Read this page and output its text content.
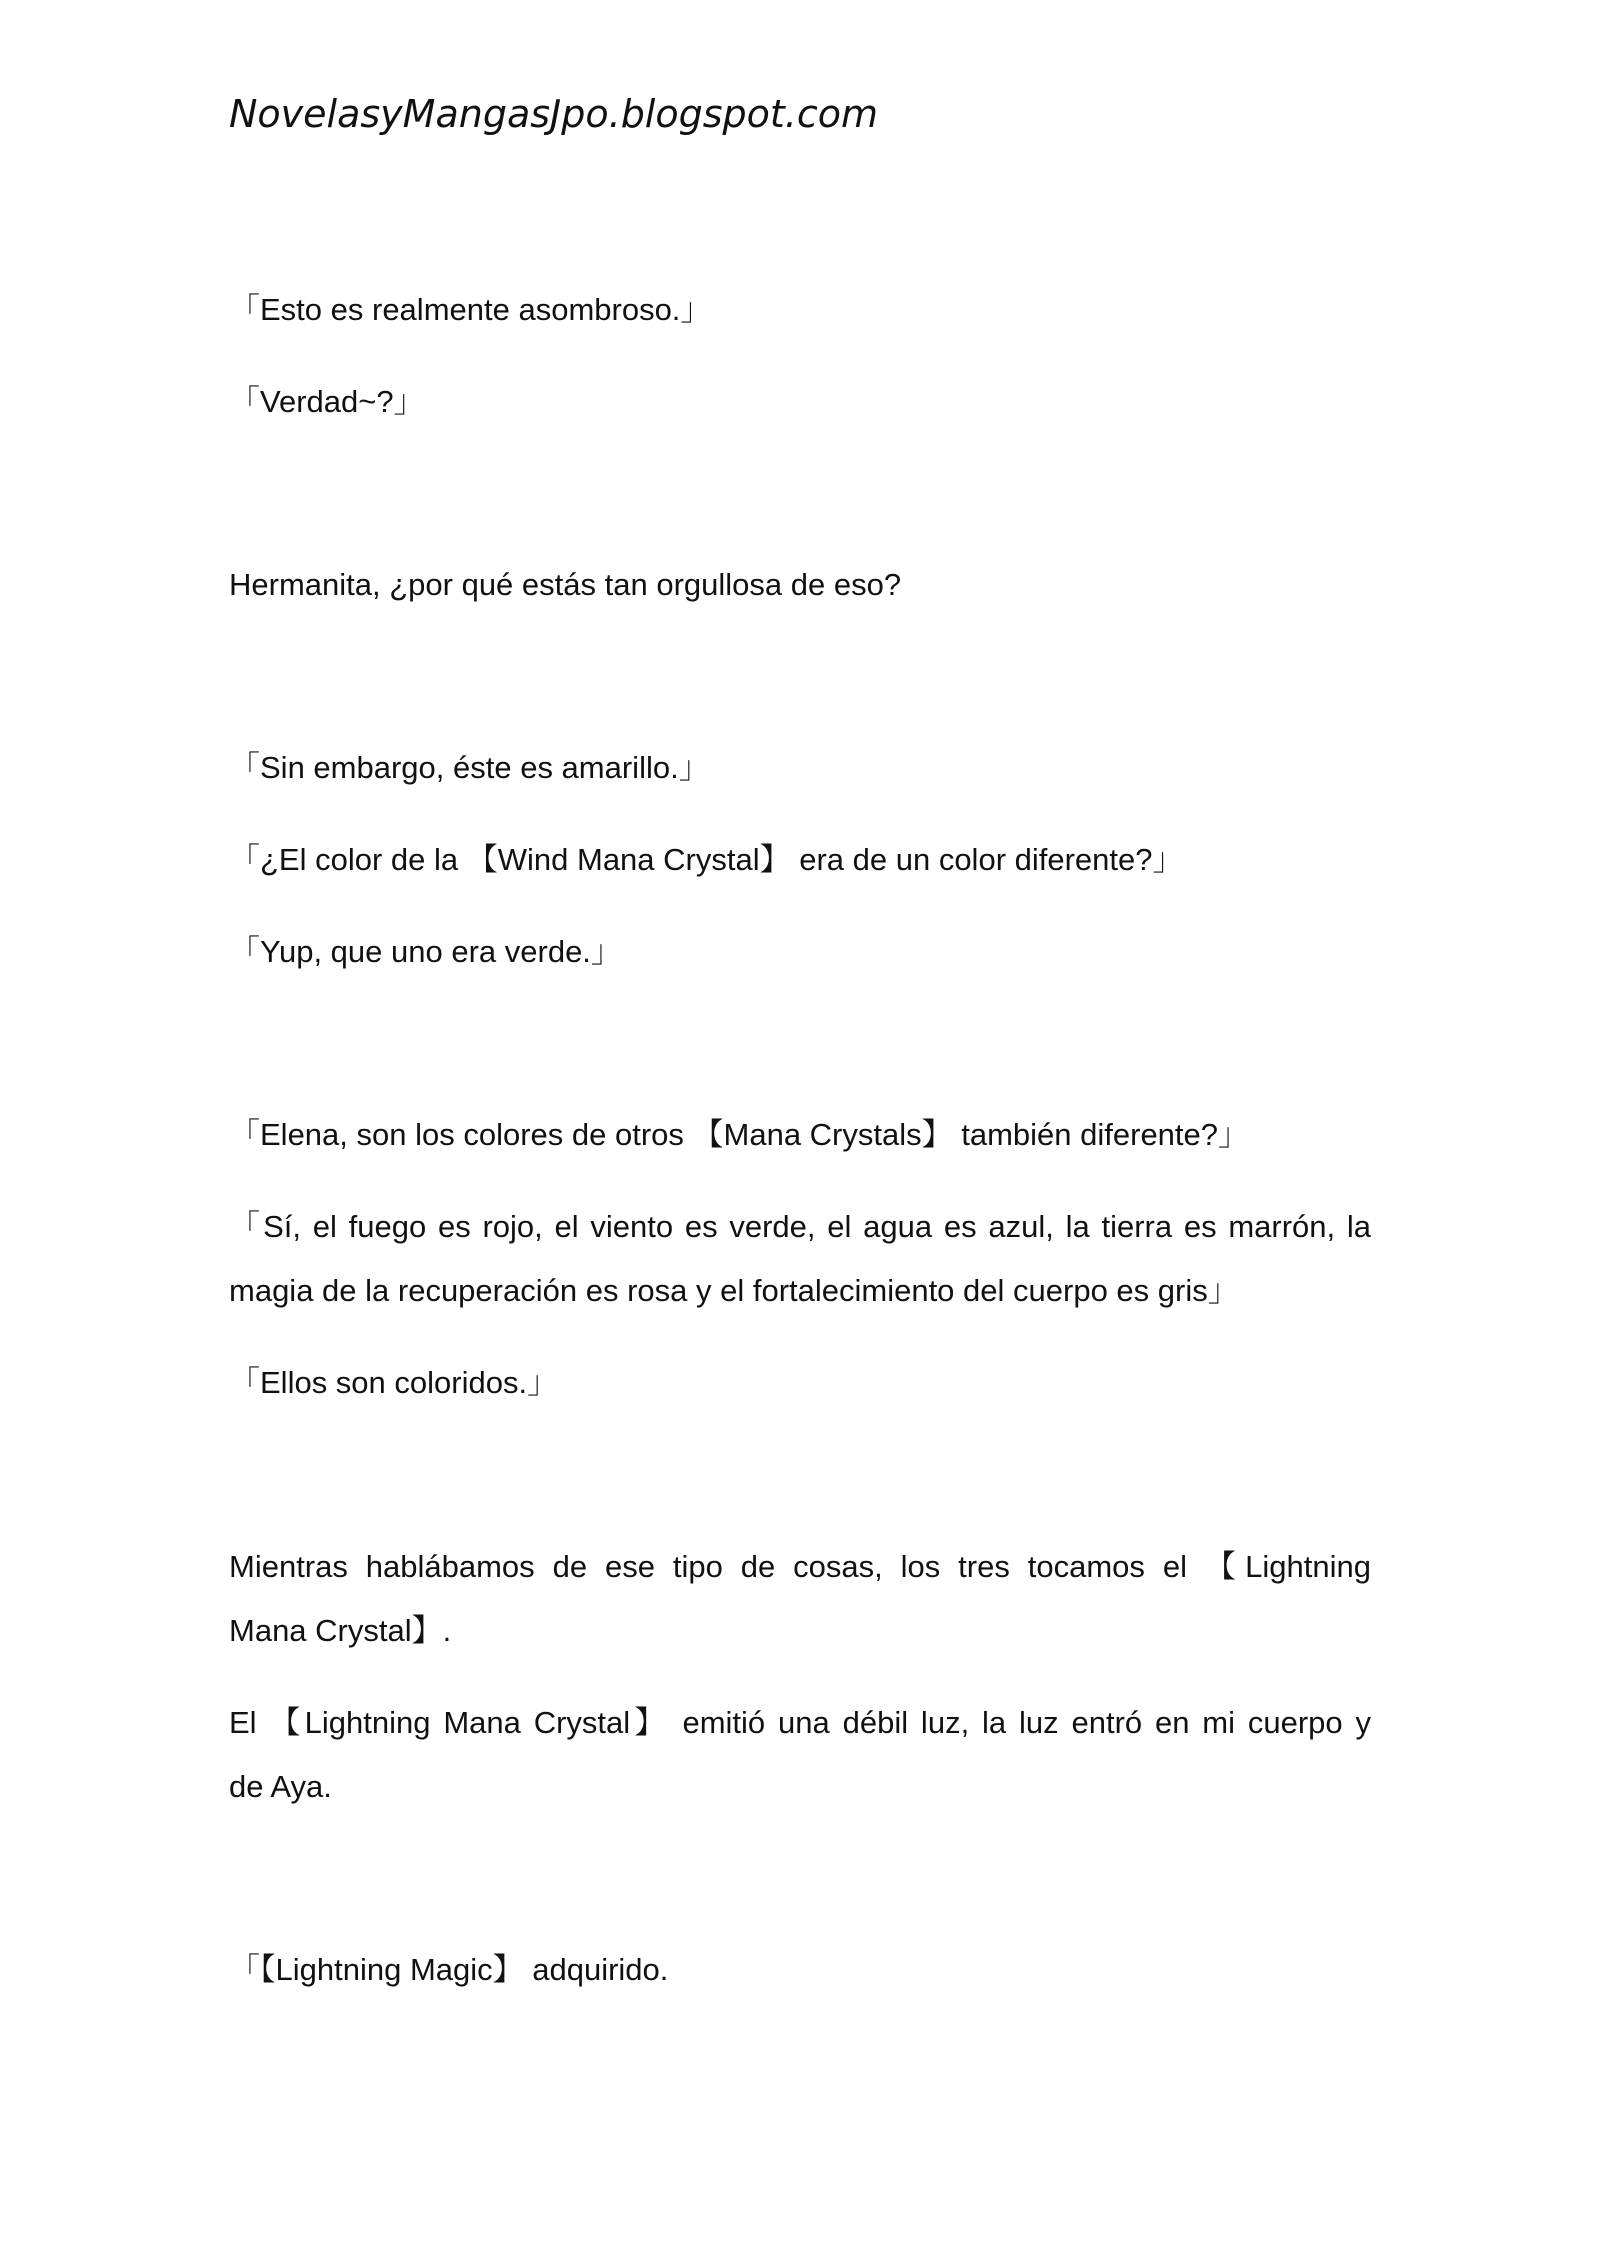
NovelasyMangasJpo.blogspot.com
「Esto es realmente asombroso.」
「Verdad~?」
Hermanita, ¿por qué estás tan orgullosa de eso?
「Sin embargo, éste es amarillo.」
「¿El color de la 【Wind Mana Crystal】 era de un color diferente?」
「Yup, que uno era verde.」
「Elena, son los colores de otros 【Mana Crystals】 también diferente?」
「Sí, el fuego es rojo, el viento es verde, el agua es azul, la tierra es marrón, la
magia de la recuperación es rosa y el fortalecimiento del cuerpo es gris」
「Ellos son coloridos.」
Mientras hablábamos de ese tipo de cosas, los tres tocamos el 【Lightning
Mana Crystal】.
El 【Lightning Mana Crystal】 emitió una débil luz, la luz entró en mi cuerpo y
de Aya.
「【Lightning Magic】 adquirido.
